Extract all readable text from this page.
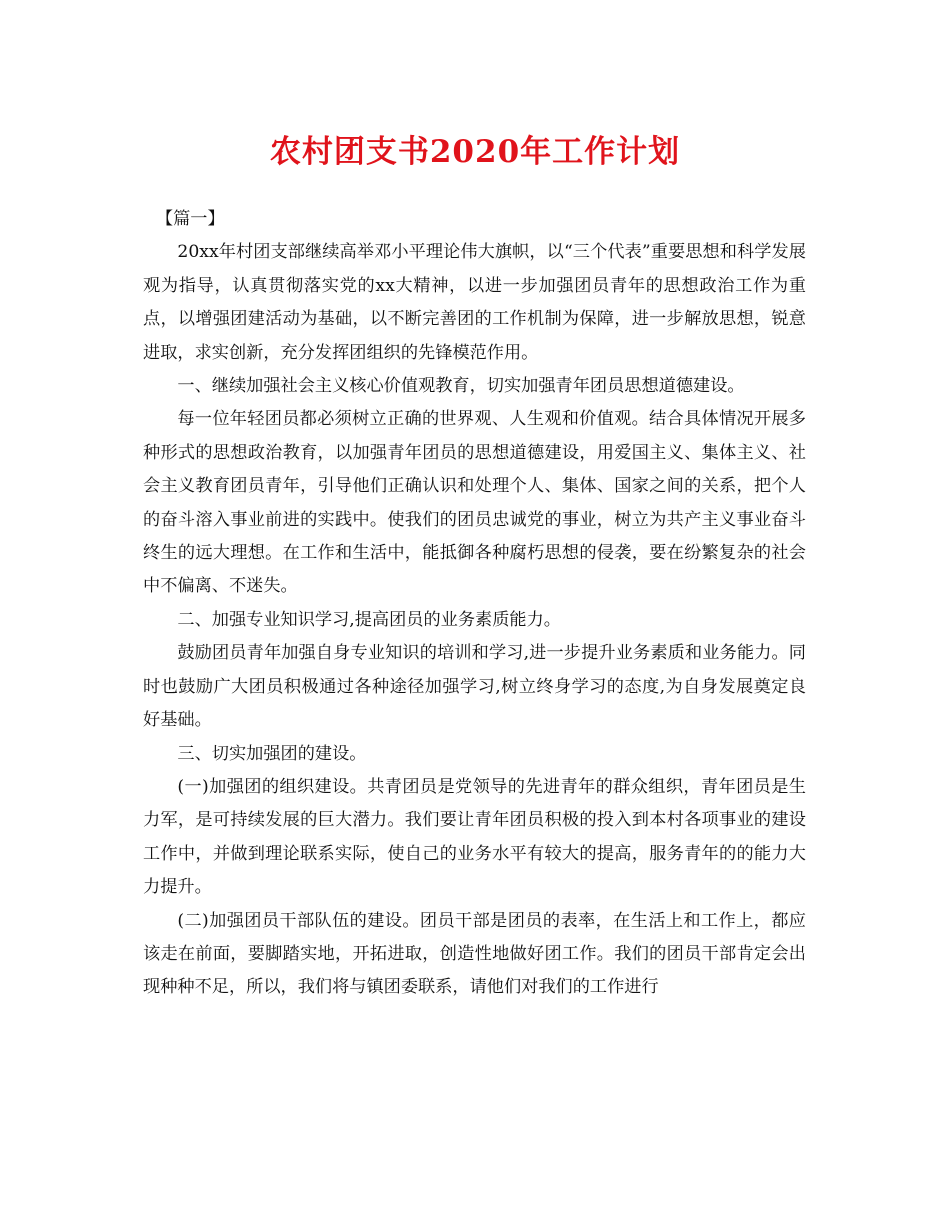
农村团支书2020年工作计划

【篇一】

20xx年村团支部继续高举邓小平理论伟大旗帜，以“三个代表”重要思想和科学发展观为指导，认真贯彻落实党的xx大精神，以进一步加强团员青年的思想政治工作为重点，以增强团建活动为基础，以不断完善团的工作机制为保障，进一步解放思想，锐意进取，求实创新，充分发挥团组织的先锋模范作用。

一、继续加强社会主义核心价值观教育，切实加强青年团员思想道德建设。

每一位年轻团员都必须树立正确的世界观、人生观和价值观。结合具体情况开展多种形式的思想政治教育，以加强青年团员的思想道德建设，用爱国主义、集体主义、社会主义教育团员青年，引导他们正确认识和处理个人、集体、国家之间的关系，把个人的奋斗溶入事业前进的实践中。使我们的团员忠诚党的事业，树立为共产主义事业奋斗终生的远大理想。在工作和生活中，能抵御各种腐朽思想的侵袭，要在纷繁复杂的社会中不偏离、不迷失。

二、加强专业知识学习,提高团员的业务素质能力。

鼓励团员青年加强自身专业知识的培训和学习,进一步提升业务素质和业务能力。同时也鼓励广大团员积极通过各种途径加强学习,树立终身学习的态度,为自身发展奠定良好基础。

三、切实加强团的建设。

(一)加强团的组织建设。共青团员是党领导的先进青年的群众组织，青年团员是生力军，是可持续发展的巨大潜力。我们要让青年团员积极的投入到本村各项事业的建设工作中，并做到理论联系实际，使自己的业务水平有较大的提高，服务青年的的能力大力提升。

(二)加强团员干部队伍的建设。团员干部是团员的表率，在生活上和工作上，都应该走在前面，要脚踏实地，开拓进取，创造性地做好团工作。我们的团员干部肯定会出现种种不足，所以，我们将与镇团委联系，请他们对我们的工作进行
